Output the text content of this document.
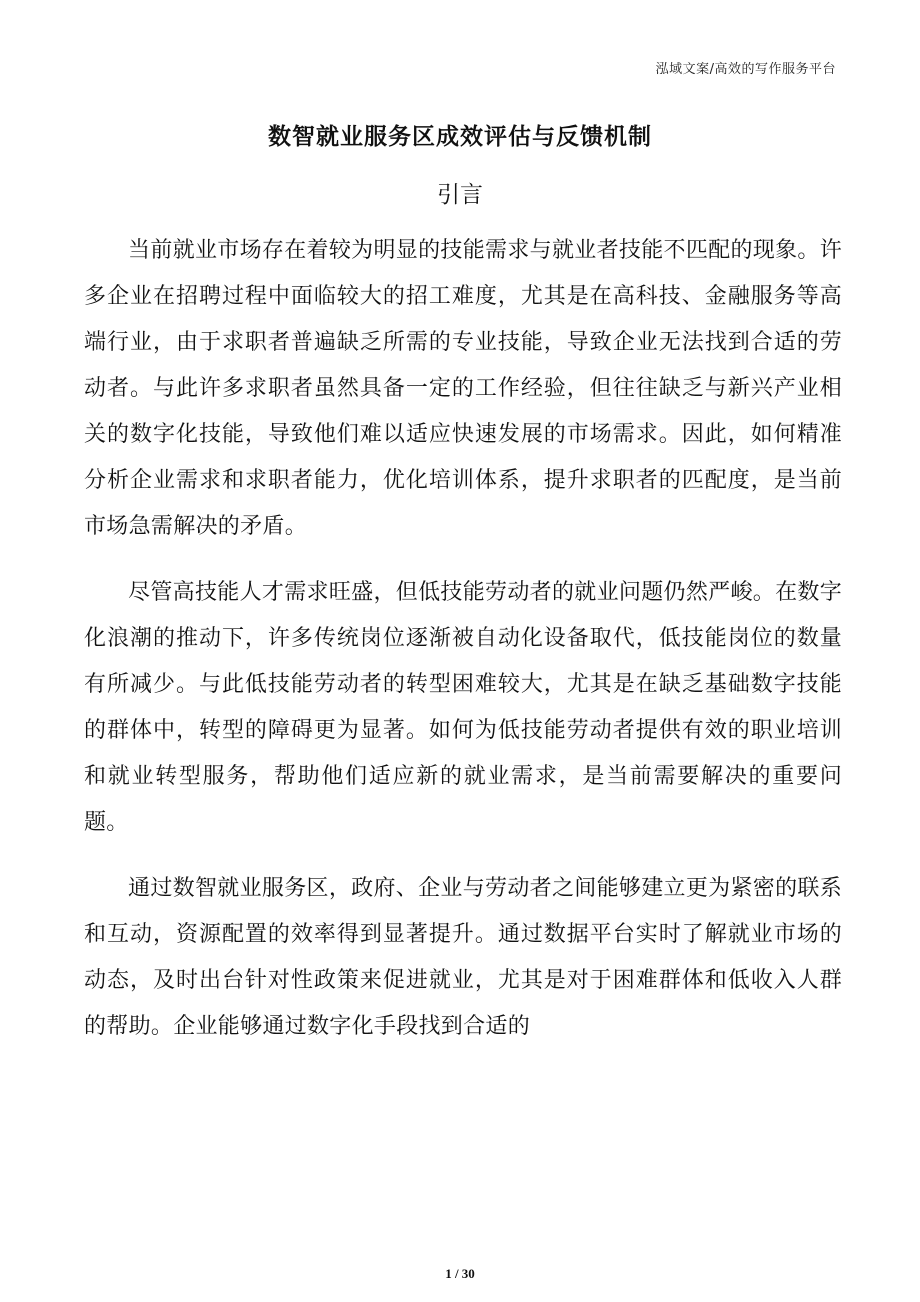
泓域文案/高效的写作服务平台
数智就业服务区成效评估与反馈机制
引言

当前就业市场存在着较为明显的技能需求与就业者技能不匹配的现象。许多企业在招聘过程中面临较大的招工难度，尤其是在高科技、金融服务等高端行业，由于求职者普遍缺乏所需的专业技能，导致企业无法找到合适的劳动者。与此许多求职者虽然具备一定的工作经验，但往往缺乏与新兴产业相关的数字化技能，导致他们难以适应快速发展的市场需求。因此，如何精准分析企业需求和求职者能力，优化培训体系，提升求职者的匹配度，是当前市场急需解决的矛盾。

尽管高技能人才需求旺盛，但低技能劳动者的就业问题仍然严峻。在数字化浪潮的推动下，许多传统岗位逐渐被自动化设备取代，低技能岗位的数量有所减少。与此低技能劳动者的转型困难较大，尤其是在缺乏基础数字技能的群体中，转型的障碍更为显著。如何为低技能劳动者提供有效的职业培训和就业转型服务，帮助他们适应新的就业需求，是当前需要解决的重要问题。

通过数智就业服务区，政府、企业与劳动者之间能够建立更为紧密的联系和互动，资源配置的效率得到显著提升。通过数据平台实时了解就业市场的动态，及时出台针对性政策来促进就业，尤其是对于困难群体和低收入人群的帮助。企业能够通过数字化手段找到合适的

1 / 30
